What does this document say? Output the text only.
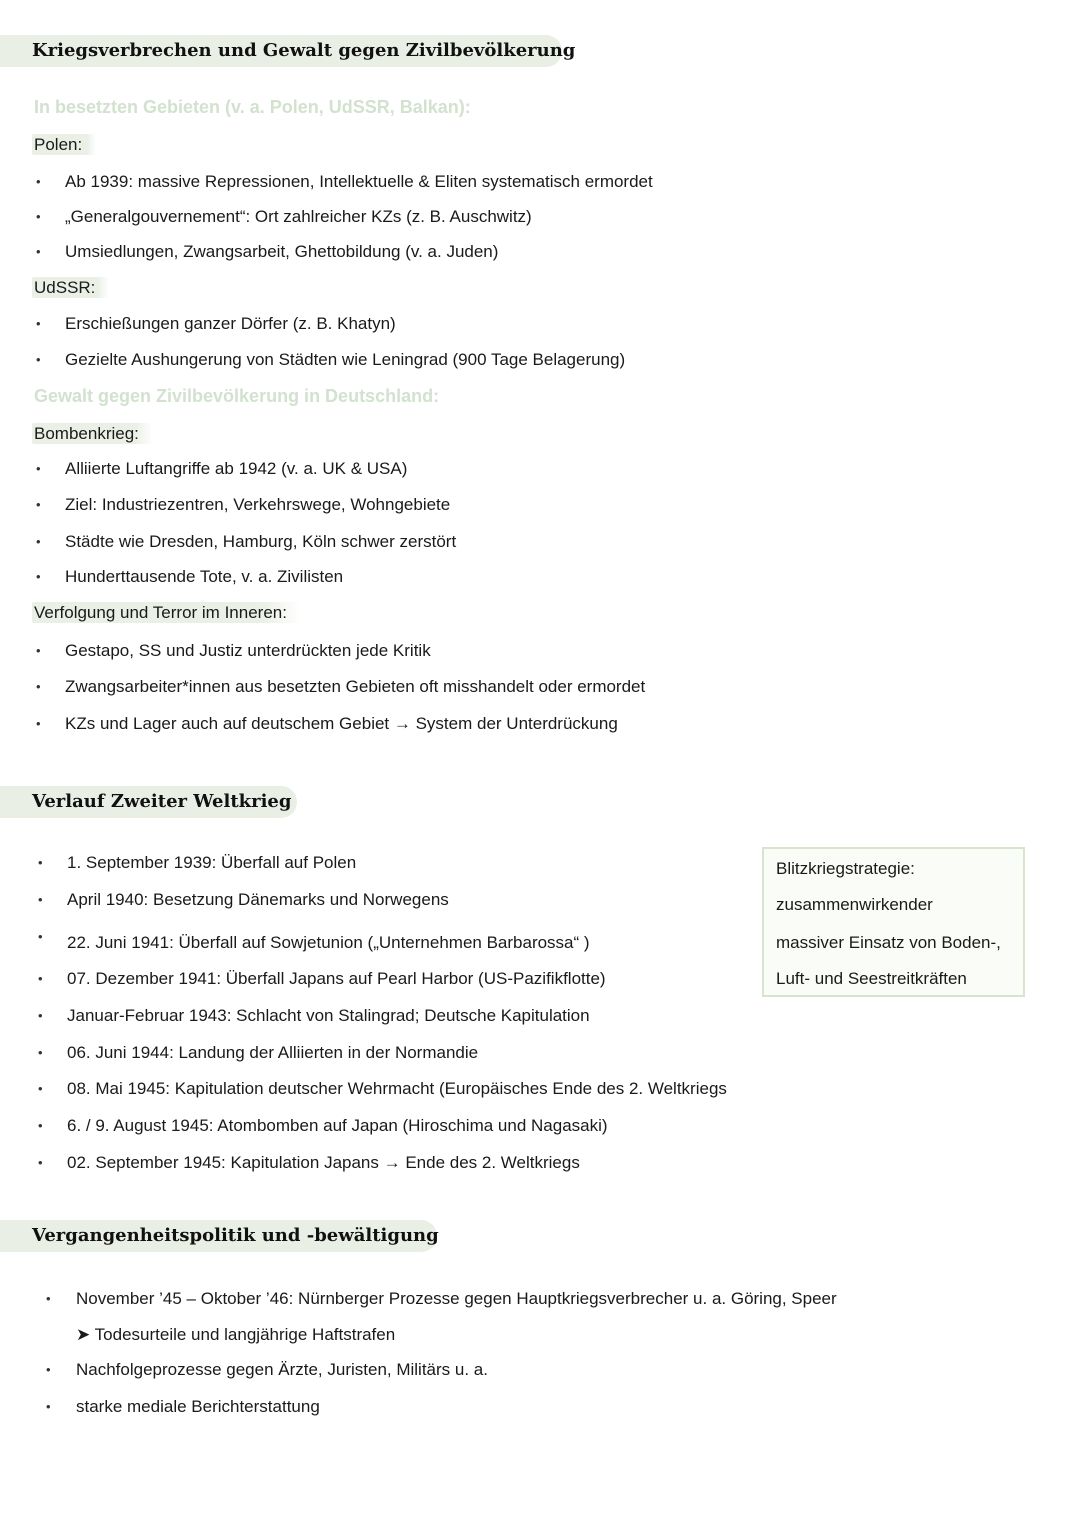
Kriegsverbrechen und Gewalt gegen Zivilbevölkerung
In besetzten Gebieten (v. a. Polen, UdSSR, Balkan):
Polen:
• Ab 1939: massive Repressionen, Intellektuelle & Eliten systematisch ermordet
• „Generalgouvernement“: Ort zahlreicher KZs (z. B. Auschwitz)
• Umsiedlungen, Zwangsarbeit, Ghettobildung (v. a. Juden)
UdSSR:
• Erschießungen ganzer Dörfer (z. B. Khatyn)
• Gezielte Aushungerung von Städten wie Leningrad (900 Tage Belagerung)
Gewalt gegen Zivilbevölkerung in Deutschland:
Bombenkrieg:
• Alliierte Luftangriffe ab 1942 (v. a. UK & USA)
• Ziel: Industriezentren, Verkehrswege, Wohngebiete
• Städte wie Dresden, Hamburg, Köln schwer zerstört
• Hunderttausende Tote, v. a. Zivilisten
Verfolgung und Terror im Inneren:
• Gestapo, SS und Justiz unterdrückten jede Kritik
• Zwangsarbeiter*innen aus besetzten Gebieten oft misshandelt oder ermordet
• KZs und Lager auch auf deutschem Gebiet → System der Unterdrückung
Verlauf Zweiter Weltkrieg
• 1. September 1939: Überfall auf Polen
• April 1940: Besetzung Dänemarks und Norwegens
• 22. Juni 1941: Überfall auf Sowjetunion („Unternehmen Barbarossa“ )
• 07. Dezember 1941: Überfall Japans auf Pearl Harbor (US-Pazifikflotte)
• Januar-Februar 1943: Schlacht von Stalingrad; Deutsche Kapitulation
• 06. Juni 1944: Landung der Alliierten in der Normandie
• 08. Mai 1945: Kapitulation deutscher Wehrmacht (Europäisches Ende des 2. Weltkriegs
• 6. / 9. August 1945: Atombomben auf Japan (Hiroschima und Nagasaki)
• 02. September 1945: Kapitulation Japans → Ende des 2. Weltkriegs
Blitzkriegstrategie:
zusammenwirkender
massiver Einsatz von Boden-,
Luft- und Seestreitkräften
Vergangenheitspolitik und -bewältigung
• November ’45 – Oktober ’46: Nürnberger Prozesse gegen Hauptkriegsverbrecher u. a. Göring, Speer
➤ Todesurteile und langjährige Haftstrafen
• Nachfolgeprozesse gegen Ärzte, Juristen, Militärs u. a.
• starke mediale Berichterstattung
